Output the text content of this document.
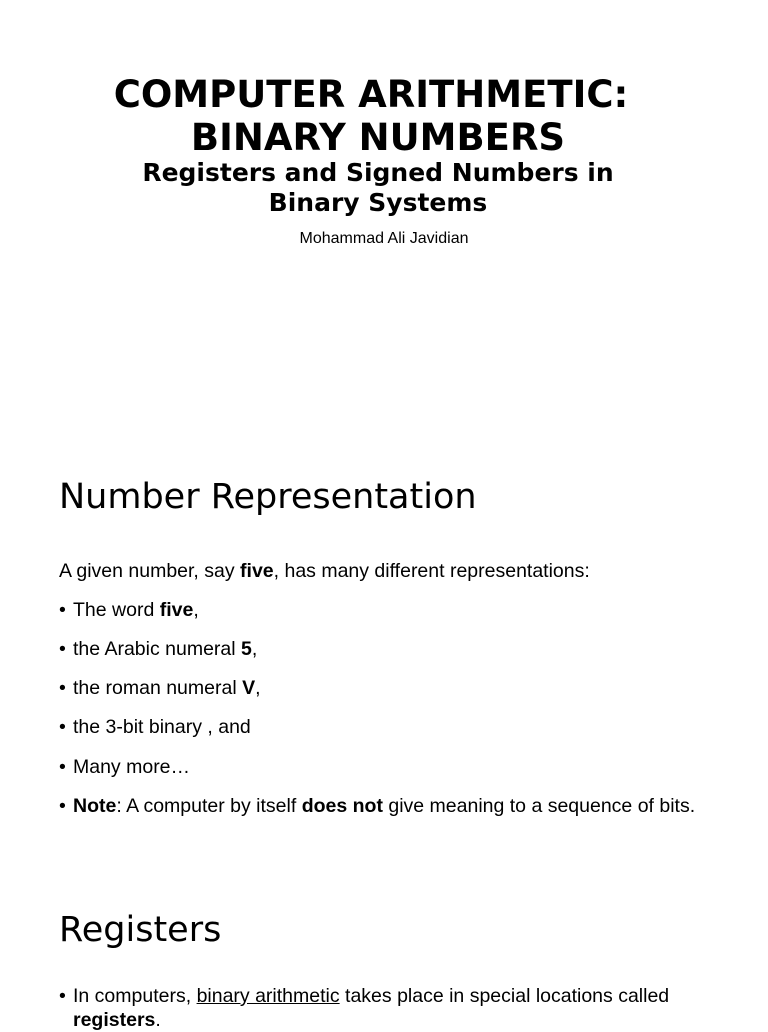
COMPUTER ARITHMETIC:
BINARY NUMBERS
Registers and Signed Numbers in
Binary Systems
Mohammad Ali Javidian
Number Representation
A given number, say five, has many different representations:
• The word five,
• the Arabic numeral 5,
• the roman numeral V,
• the 3-bit binary , and
• Many more…
• Note: A computer by itself does not give meaning to a sequence of bits.
Registers
• In computers, binary arithmetic takes place in special locations called
registers.
